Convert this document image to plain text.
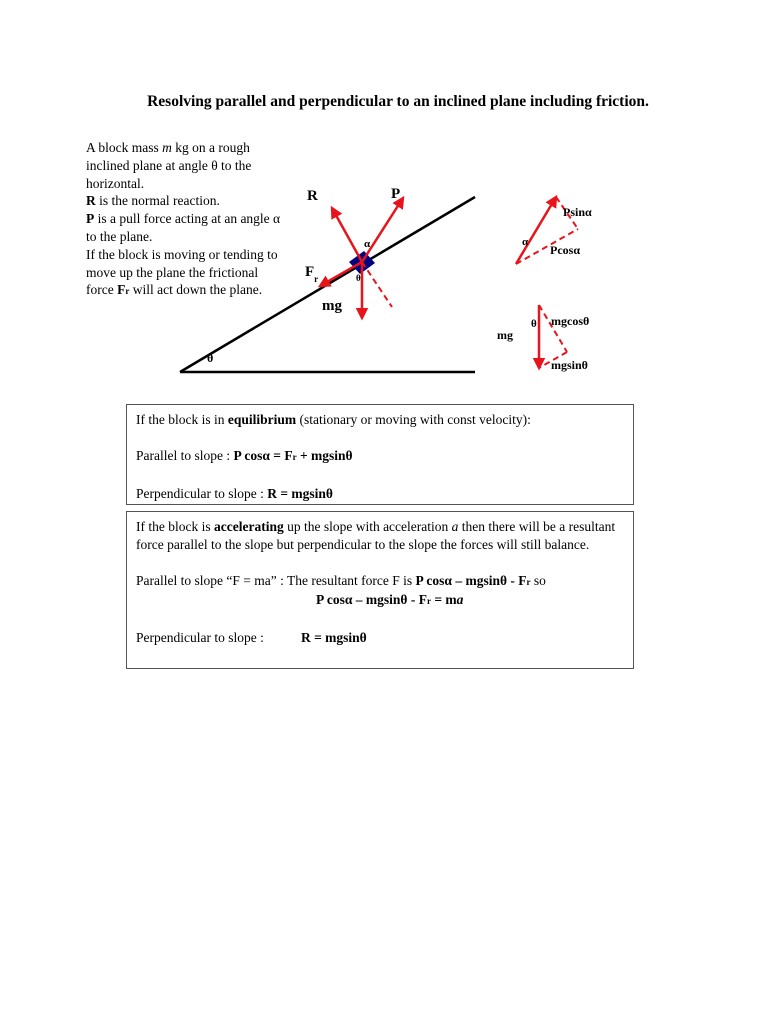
Resolving parallel and perpendicular to an inclined plane including friction.

A block mass m kg on a rough inclined plane at angle θ to the horizontal.

R is the normal reaction.

P is a pull force acting at an angle α to the plane.

If the block is moving or tending to move up the plane the frictional force Fr will act down the plane.

θ
R	P
$F_r$
mg
α
θ
Psinα
Pcosα
α
mg
θ mgcosθ
mgsinθ

If the block is in equilibrium (stationary or moving with const velocity):

Parallel to slope : P cosα = Fr + mgsinθ

Perpendicular to slope : R = mgsinθ

If the block is accelerating up the slope with acceleration a then there will be a resultant force parallel to the slope but perpendicular to the slope the forces will still balance.

Parallel to slope “F = ma” : The resultant force F is P cosα – mgsinθ - Fr so

P cosα – mgsinθ - Fr = ma

Perpendicular to slope :           R = mgsinθ
